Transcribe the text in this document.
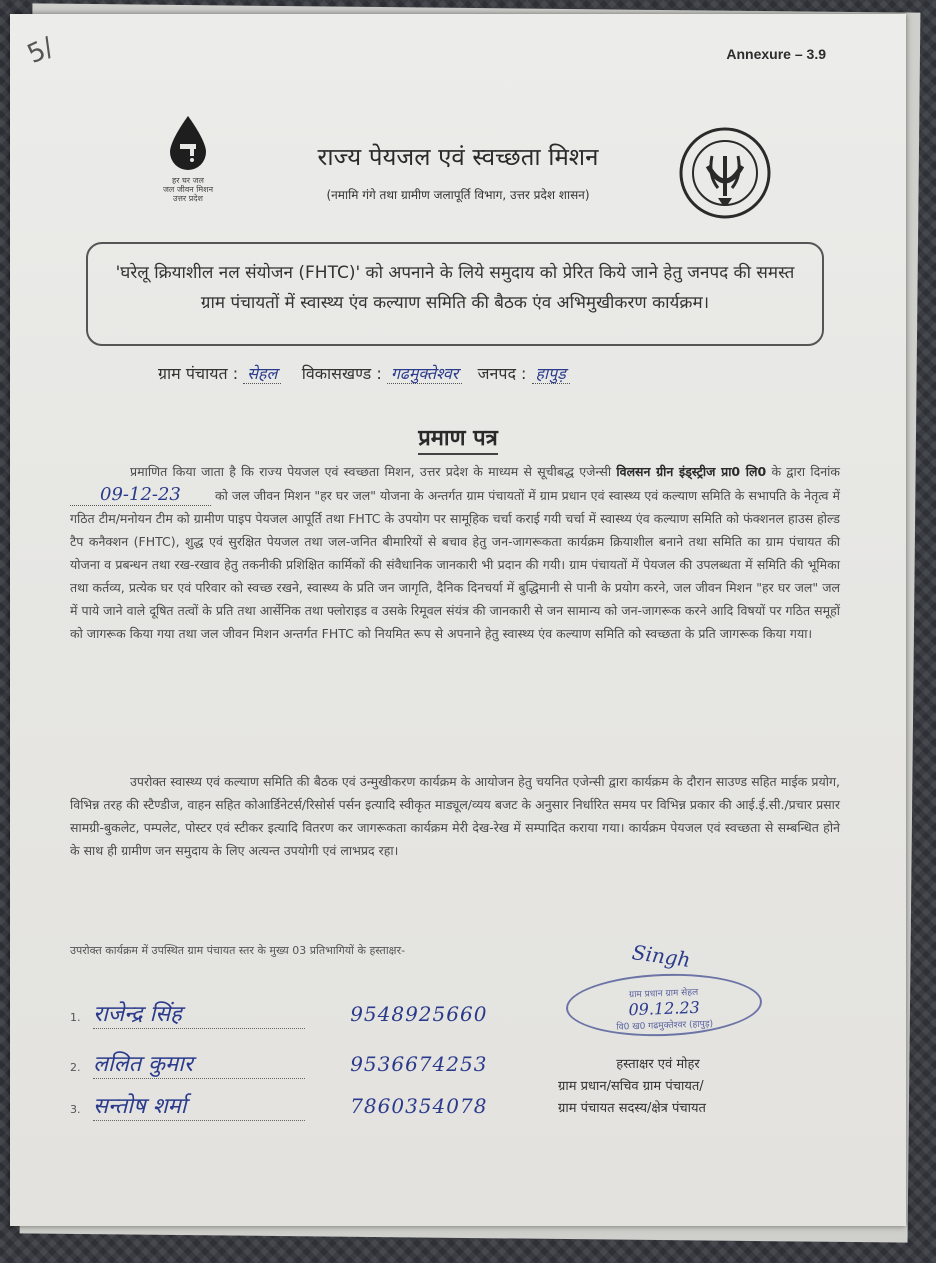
5/	Annexure – 3.9
हर घर जल
जल जीवन मिशन
उत्तर प्रदेश
राज्य पेयजल एवं स्वच्छता मिशन
(नमामि गंगे तथा ग्रामीण जलापूर्ति विभाग, उत्तर प्रदेश शासन)
'घरेलू क्रियाशील नल संयोजन (FHTC)' को अपनाने के लिये समुदाय को प्रेरित किये जाने हेतु जनपद की समस्त ग्राम पंचायतों में स्वास्थ्य एंव कल्याण समिति की बैठक एंव अभिमुखीकरण कार्यक्रम।
ग्राम पंचायत : सेहल विकासखण्ड : गढमुक्तेश्वर जनपद : हापुड़
प्रमाण पत्र
प्रमाणित किया जाता है कि राज्य पेयजल एवं स्वच्छता मिशन, उत्तर प्रदेश के माध्यम से सूचीबद्ध एजेन्सी विलसन ग्रीन इंड्स्ट्रीज प्रा0 लि0 के द्वारा दिनांक 09-12-23	को जल जीवन मिशन "हर घर जल" योजना के अन्तर्गत ग्राम पंचायतों में ग्राम प्रधान एवं स्वास्थ्य एवं कल्याण समिति के सभापति के नेतृत्व में गठित टीम/मनोयन टीम को ग्रामीण पाइप पेयजल आपूर्ति तथा FHTC के उपयोग पर सामूहिक चर्चा कराई गयी चर्चा में स्वास्थ्य एंव कल्याण समिति को फंक्शनल हाउस होल्ड टैप कनैक्शन (FHTC), शुद्ध एवं सुरक्षित पेयजल तथा जल-जनित बीमारियों से बचाव हेतु जन-जागरूकता कार्यक्रम क्रियाशील बनाने तथा समिति का ग्राम पंचायत की योजना व प्रबन्धन तथा रख-रखाव हेतु तकनीकी प्रशिक्षित कार्मिकों की संवैधानिक जानकारी भी प्रदान की गयी। ग्राम पंचायतों में पेयजल की उपलब्धता में समिति की भूमिका तथा कर्तव्य, प्रत्येक घर एवं परिवार को स्वच्छ रखने, स्वास्थ्य के प्रति जन जागृति, दैनिक दिनचर्या में बुद्धिमानी से पानी के प्रयोग करने, जल जीवन मिशन "हर घर जल" जल में पाये जाने वाले दूषित तत्वों के प्रति तथा आर्सेनिक तथा फ्लोराइड व उसके रिमूवल संयंत्र की जानकारी से जन सामान्य को जन-जागरूक करने आदि विषयों पर गठित समूहों को जागरूक किया गया तथा जल जीवन मिशन अन्तर्गत FHTC को नियमित रूप से अपनाने हेतु स्वास्थ्य एंव कल्याण समिति को स्वच्छता के प्रति जागरूक किया गया।
उपरोक्त स्वास्थ्य एवं कल्याण समिति की बैठक एवं उन्मुखीकरण कार्यक्रम के आयोजन हेतु चयनित एजेन्सी द्वारा कार्यक्रम के दौरान साउण्ड सहित माईक प्रयोग, विभिन्न तरह की स्टैण्डीज, वाहन सहित कोआर्डिनेटर्स/रिसोर्स पर्सन इत्यादि स्वीकृत माड्यूल/व्यय बजट के अनुसार निर्धारित समय पर विभिन्न प्रकार की आई.ई.सी./प्रचार प्रसार सामग्री-बुकलेट, पम्पलेट, पोस्टर एवं स्टीकर इत्यादि वितरण कर जागरूकता कार्यक्रम मेरी देख-रेख में सम्पादित कराया गया। कार्यक्रम पेयजल एवं स्वच्छता से सम्बन्धित होने के साथ ही ग्रामीण जन समुदाय के लिए अत्यन्त उपयोगी एवं लाभप्रद रहा।
उपरोक्त कार्यक्रम में उपस्थित ग्राम पंचायत स्तर के मुख्य 03 प्रतिभागियों के हस्ताक्षर-
1. राजेन्द्र सिंह	9548925660
2. ललित कुमार	9536674253
3. सन्तोष शर्मा	7860354078
ग्राम प्रधान ग्राम सेहल
09.12.23
वि0 ख0 गढमुक्तेश्वर (हापुड़)
Singh
हस्ताक्षर एवं मोहर
ग्राम प्रधान/सचिव ग्राम पंचायत/
ग्राम पंचायत सदस्य/क्षेत्र पंचायत
